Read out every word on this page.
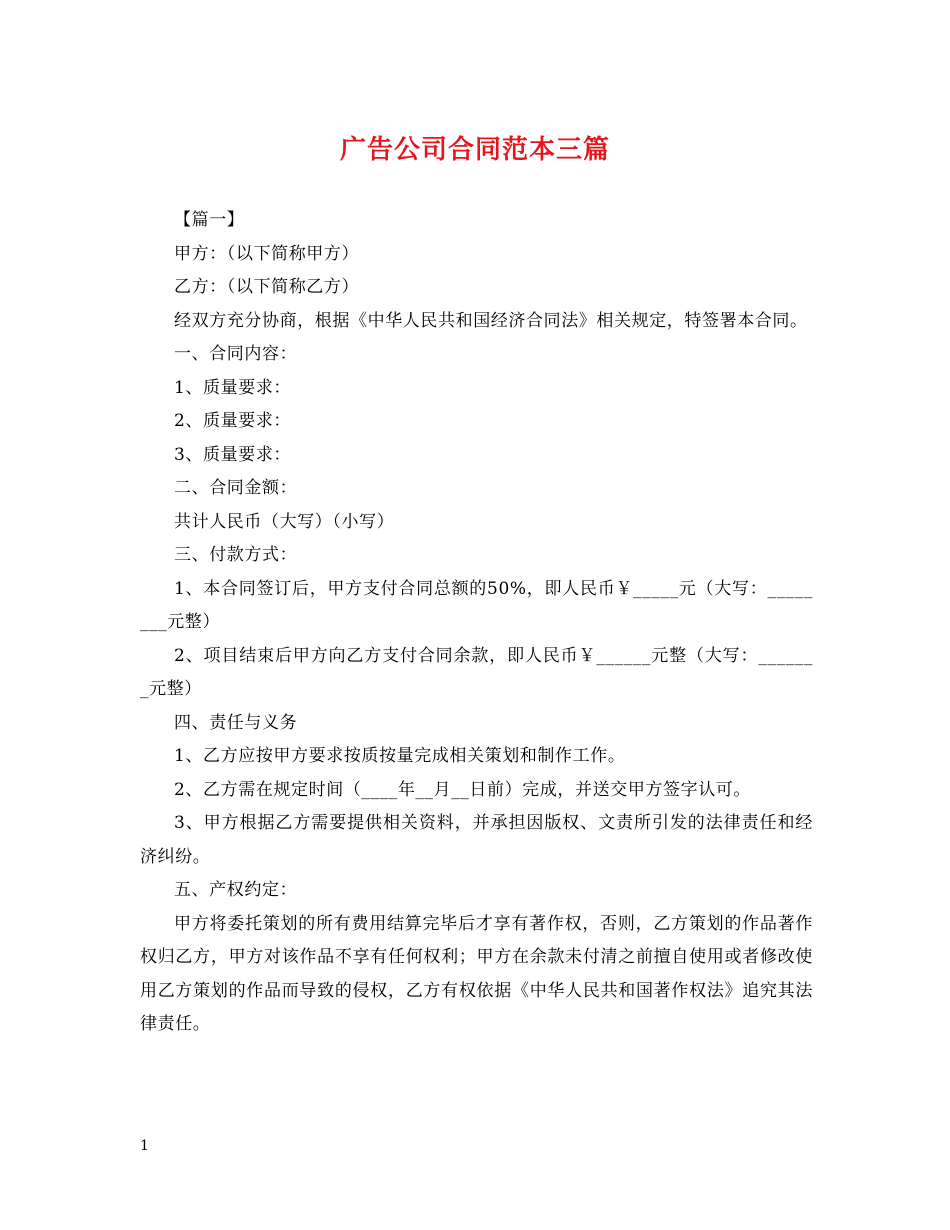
广告公司合同范本三篇

【篇一】

甲方：（以下简称甲方）

乙方：（以下简称乙方）

经双方充分协商，根据《中华人民共和国经济合同法》相关规定，特签署本合同。

一、合同内容：

1、质量要求：

2、质量要求：

3、质量要求：

二、合同金额：

共计人民币（大写）（小写）

三、付款方式：

1、本合同签订后，甲方支付合同总额的50%，即人民币￥_____元（大写：________元整）

2、项目结束后甲方向乙方支付合同余款，即人民币￥______元整（大写：_______元整）

四、责任与义务

1、乙方应按甲方要求按质按量完成相关策划和制作工作。

2、乙方需在规定时间（____年__月__日前）完成，并送交甲方签字认可。

3、甲方根据乙方需要提供相关资料，并承担因版权、文责所引发的法律责任和经济纠纷。

五、产权约定：

甲方将委托策划的所有费用结算完毕后才享有著作权，否则，乙方策划的作品著作权归乙方，甲方对该作品不享有任何权利；甲方在余款未付清之前擅自使用或者修改使用乙方策划的作品而导致的侵权，乙方有权依据《中华人民共和国著作权法》追究其法律责任。

1
